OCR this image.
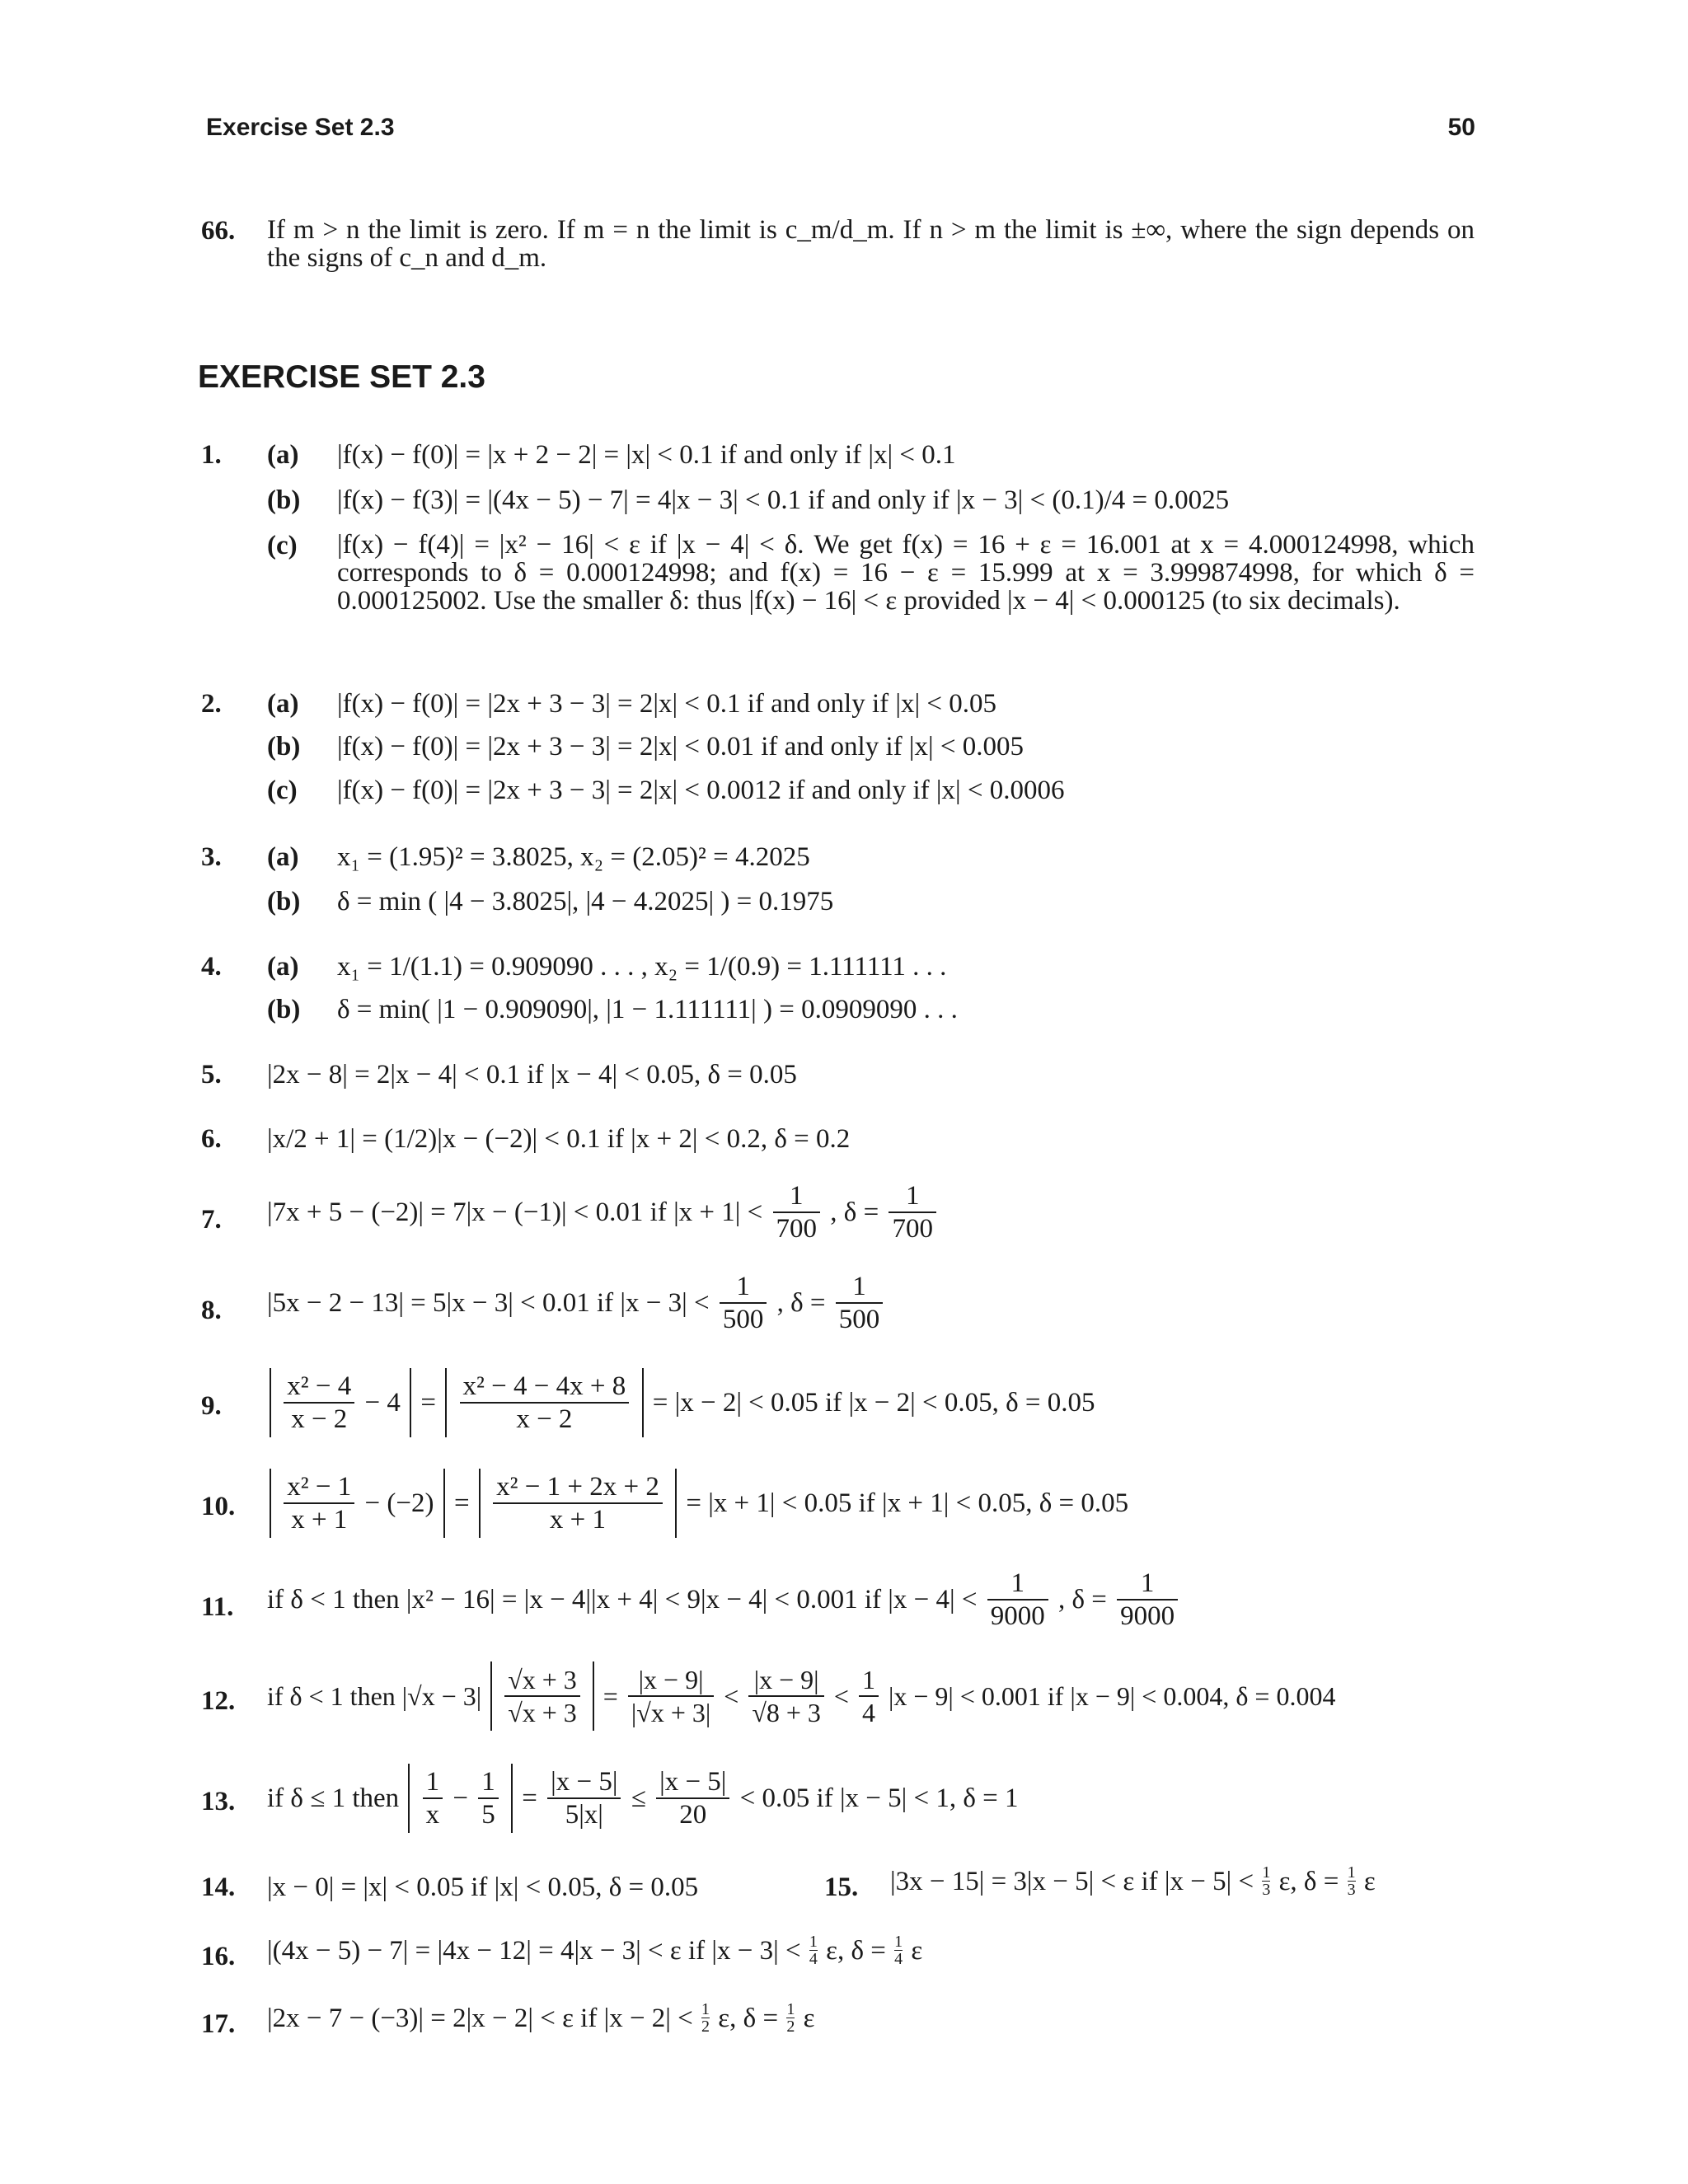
Exercise Set 2.3	50
66. If m > n the limit is zero. If m = n the limit is c_m/d_m. If n > m the limit is ±∞, where the sign depends on the signs of c_n and d_m.
EXERCISE SET 2.3
1. (a) |f(x) − f(0)| = |x + 2 − 2| = |x| < 0.1 if and only if |x| < 0.1
(b) |f(x) − f(3)| = |(4x − 5) − 7| = 4|x − 3| < 0.1 if and only if |x − 3| < (0.1)/4 = 0.0025
(c) |f(x) − f(4)| = |x² − 16| < ε if |x − 4| < δ. We get f(x) = 16 + ε = 16.001 at x = 4.000124998, which corresponds to δ = 0.000124998; and f(x) = 16 − ε = 15.999 at x = 3.999874998, for which δ = 0.000125002. Use the smaller δ: thus |f(x) − 16| < ε provided |x − 4| < 0.000125 (to six decimals).
2. (a) |f(x) − f(0)| = |2x + 3 − 3| = 2|x| < 0.1 if and only if |x| < 0.05
(b) |f(x) − f(0)| = |2x + 3 − 3| = 2|x| < 0.01 if and only if |x| < 0.005
(c) |f(x) − f(0)| = |2x + 3 − 3| = 2|x| < 0.0012 if and only if |x| < 0.0006
3. (a) x₁ = (1.95)² = 3.8025, x₂ = (2.05)² = 4.2025
(b) δ = min ( |4 − 3.8025|, |4 − 4.2025| ) = 0.1975
4. (a) x₁ = 1/(1.1) = 0.909090 . . . , x₂ = 1/(0.9) = 1.111111 . . .
(b) δ = min( |1 − 0.909090|, |1 − 1.111111| ) = 0.0909090 . . .
5. |2x − 8| = 2|x − 4| < 0.1 if |x − 4| < 0.05, δ = 0.05
6. |x/2 + 1| = (1/2)|x − (−2)| < 0.1 if |x + 2| < 0.2, δ = 0.2
7. |7x + 5 − (−2)| = 7|x − (−1)| < 0.01 if $|x + 1| < \frac{1}{700}$ , $\delta = \frac{1}{700}$
8. |5x − 2 − 13| = 5|x − 3| < 0.01 if $|x - 3| < \frac{1}{500}$ , $\delta = \frac{1}{500}$
9.
$\frac{\text{x² − 4}}{x - 2} - 4 = \frac{\text{x² − 4 − 4x + 8}}{x - 2} = |x - 2| < 0.05$ if |x − 2| < 0.05, δ = 0.05
10.
$\frac{\text{x² − 1}}{x + 1} - (-2) = \frac{\text{x² − 1 + 2x + 2}}{x + 1} = |x + 1| < 0.05$ if |x + 1| < 0.05, δ = 0.05
11. if δ < 1 then |x² − 16| = |x − 4||x + 4| < 9|x − 4| < 0.001 if $|x - 4| < \frac{1}{9000}$ , $\delta = \frac{1}{9000}$
12. if δ < 1 then $|√x - 3| \frac{√x + 3}{√x + 3} = \frac{|x - 9|}{|√x + 3|} < \frac{|x - 9|}{√8 + 3} < \frac{1}{4} |x - 9| < 0.001$ if |x − 9| < 0.004, δ = 0.004
13. if δ ≤ 1 then $\frac{1}{x} - \frac{1}{5} = \frac{|x - 5|}{5|x|} \le \frac{|x - 5|}{20} < 0.05$ if |x − 5| < 1, δ = 1
14. |x − 0| = |x| < 0.05 if |x| < 0.05, δ = 0.05	15. |3x − 15| = 3|x − 5| < ε if $|x - 5| < \frac{1}{3} \varepsilon$, $\delta = \frac{1}{3}$ ε
16. |(4x − 5) − 7| = |4x − 12| = 4|x − 3| < ε if $|x - 3| < \frac{1}{4} \varepsilon$, $\delta = \frac{1}{4}$ ε
17. |2x − 7 − (−3)| = 2|x − 2| < ε if $|x - 2| < \frac{1}{2} \varepsilon$, $\delta = \frac{1}{2}$ ε
